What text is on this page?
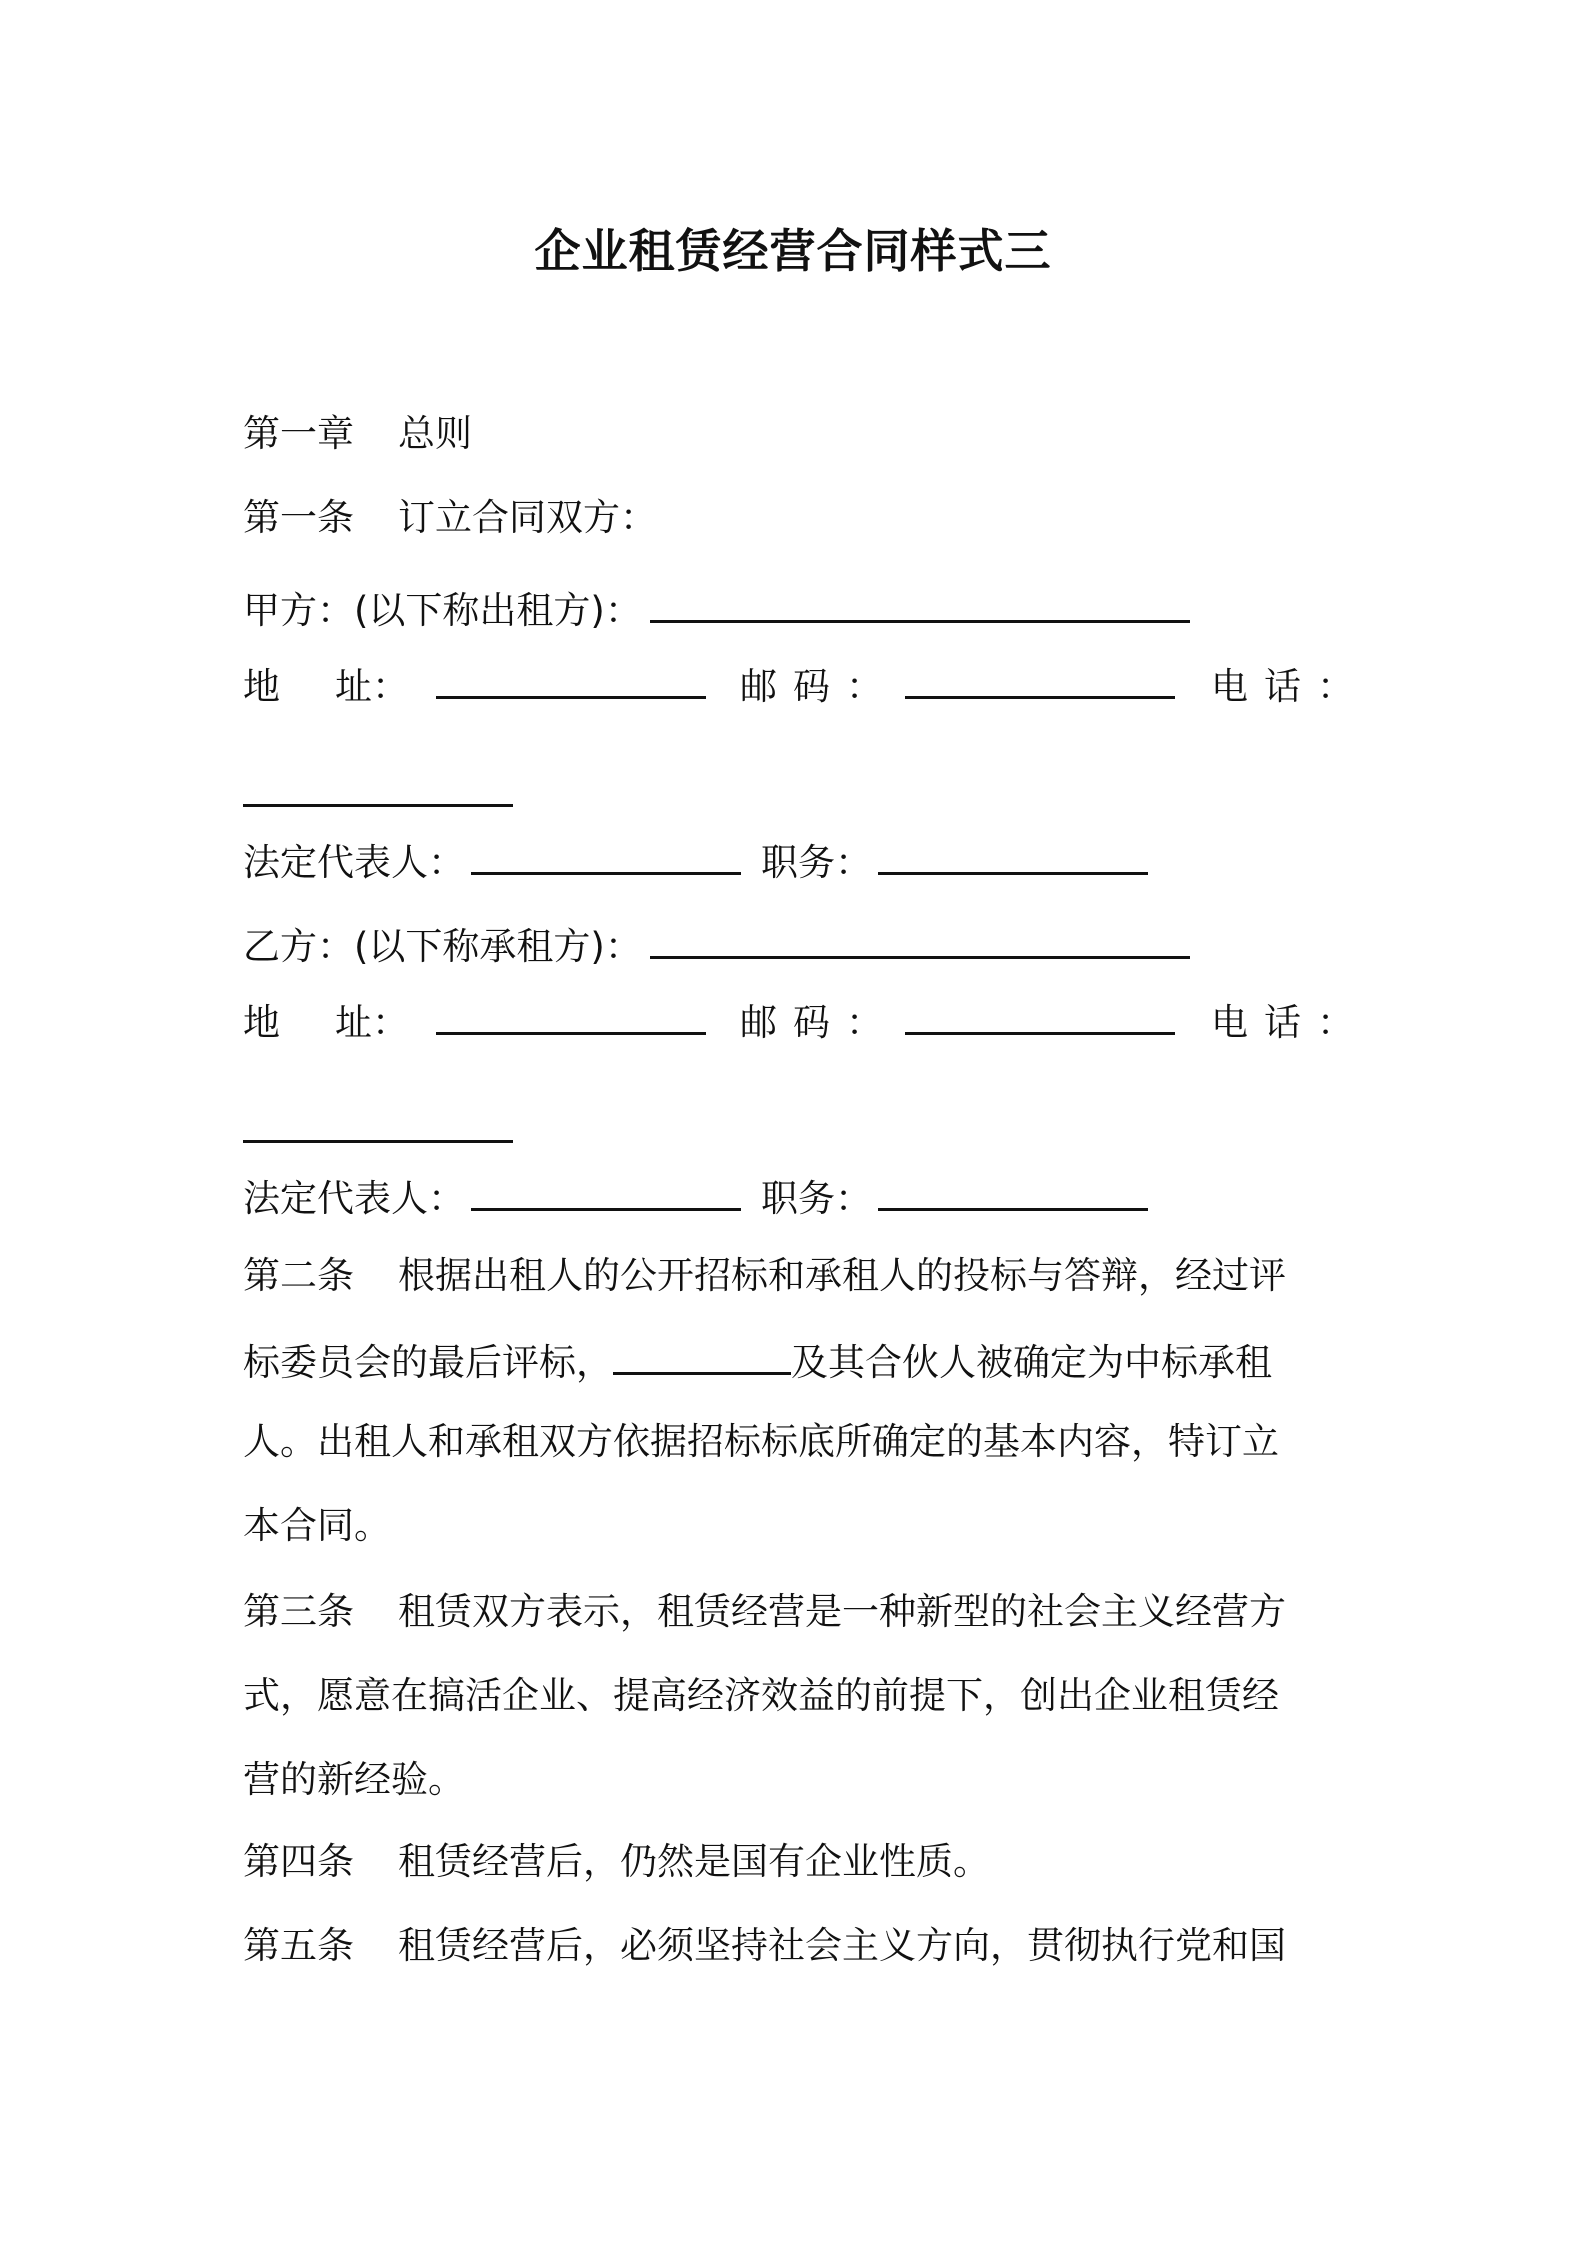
企业租赁经营合同样式三
第一章 总则
第一条 订立合同双方：
甲方：(以下称出租方)：
地 址：	邮码：	电话：
法定代表人：	职务：
乙方：(以下称承租方)：
地 址：	邮码：	电话：
法定代表人：	职务：
第二条 根据出租人的公开招标和承租人的投标与答辩，经过评
标委员会的最后评标，	及其合伙人被确定为中标承租
人。出租人和承租双方依据招标标底所确定的基本内容，特订立
本合同。
第三条 租赁双方表示，租赁经营是一种新型的社会主义经营方
式，愿意在搞活企业、提高经济效益的前提下，创出企业租赁经
营的新经验。
第四条 租赁经营后，仍然是国有企业性质。
第五条 租赁经营后，必须坚持社会主义方向，贯彻执行党和国
